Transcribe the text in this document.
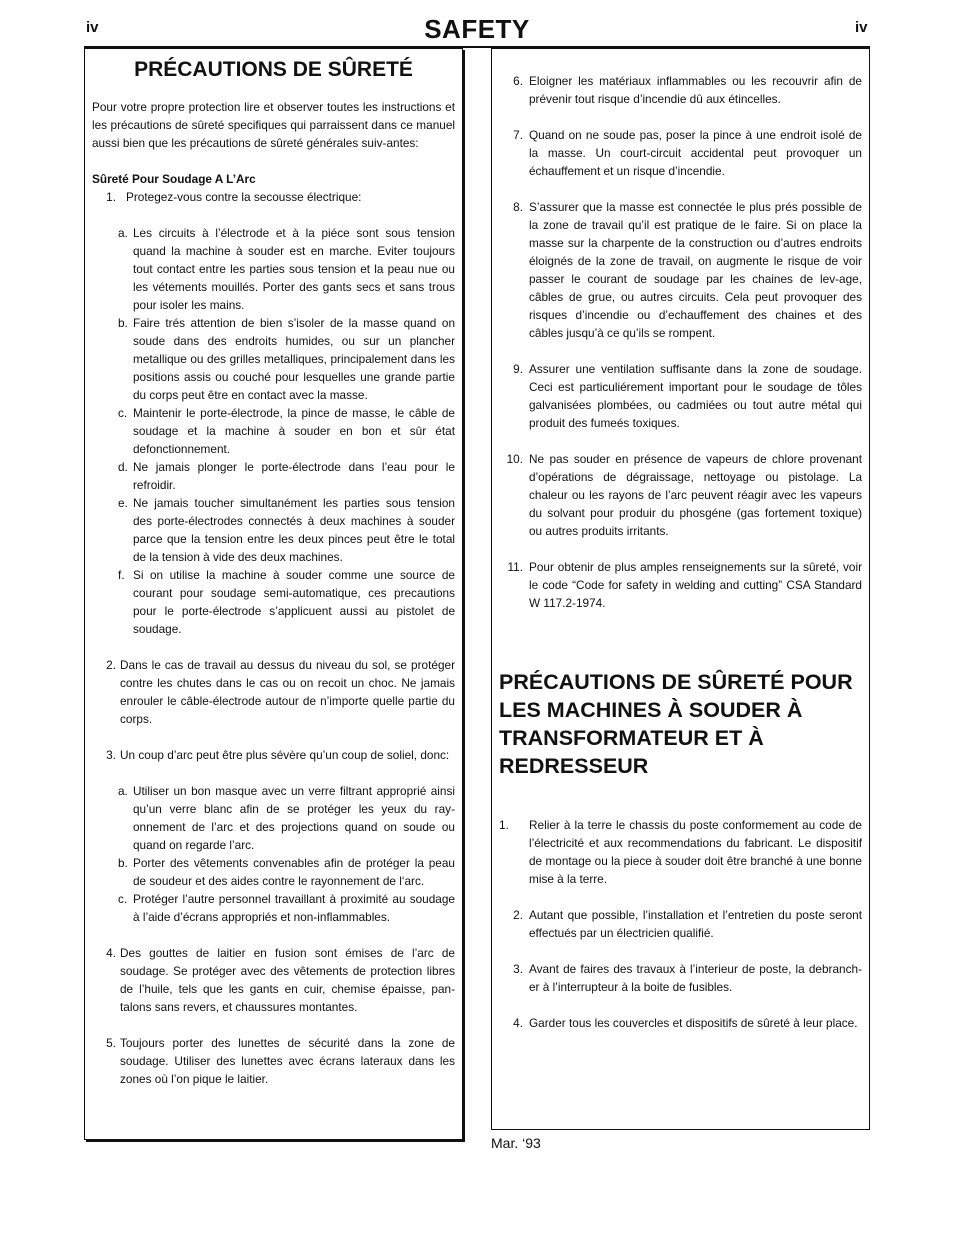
iv	SAFETY	iv
PRÉCAUTIONS DE SÛRETÉ

Pour votre propre protection lire et observer toutes les instructions et les précautions de sûreté specifiques qui parraissent dans ce manuel aussi bien que les précautions de sûreté générales suiv-antes:

Sûreté Pour Soudage A L’Arc

1. Protegez-vous contre la secousse électrique:
a. Les circuits à l’électrode et à la piéce sont sous tension quand la machine à souder est en marche. Eviter toujours tout contact entre les parties sous tension et la peau nue ou les vétements mouillés. Porter des gants secs et sans trous pour isoler les mains.
b. Faire trés attention de bien s’isoler de la masse quand on soude dans des endroits humides, ou sur un plancher metallique ou des grilles metalliques, principalement dans les positions assis ou couché pour lesquelles une grande partie du corps peut être en contact avec la masse.
c. Maintenir le porte-électrode, la pince de masse, le câble de soudage et la machine à souder en bon et sûr état defonctionnement.
d. Ne jamais plonger le porte-électrode dans l’eau pour le refroidir.
e. Ne jamais toucher simultanément les parties sous tension des porte-électrodes connectés à deux machines à souder parce que la tension entre les deux pinces peut être le total de la tension à vide des deux machines.
f. Si on utilise la machine à souder comme une source de courant pour soudage semi-automatique, ces precautions pour le porte-électrode s’applicuent aussi au pistolet de soudage.
2. Dans le cas de travail au dessus du niveau du sol, se protéger contre les chutes dans le cas ou on recoit un choc. Ne jamais enrouler le câble-électrode autour de n’importe quelle partie du corps.
3. Un coup d’arc peut être plus sévère qu’un coup de soliel, donc:
a. Utiliser un bon masque avec un verre filtrant approprié ainsi qu’un verre blanc afin de se protéger les yeux du ray-onnement de l’arc et des projections quand on soude ou quand on regarde l’arc.
b. Porter des vêtements convenables afin de protéger la peau de soudeur et des aides contre le rayonnement de l‘arc.
c. Protéger l’autre personnel travaillant à proximité au soudage à l’aide d’écrans appropriés et non-inflammables.
4. Des gouttes de laitier en fusion sont émises de l’arc de soudage. Se protéger avec des vêtements de protection libres de l’huile, tels que les gants en cuir, chemise épaisse, pan-talons sans revers, et chaussures montantes.
5. Toujours porter des lunettes de sécurité dans la zone de soudage. Utiliser des lunettes avec écrans lateraux dans les zones où l’on pique le laitier.
6. Eloigner les matériaux inflammables ou les recouvrir afin de prévenir tout risque d’incendie dû aux étincelles.
7. Quand on ne soude pas, poser la pince à une endroit isolé de la masse. Un court-circuit accidental peut provoquer un échauffement et un risque d’incendie.
8. S’assurer que la masse est connectée le plus prés possible de la zone de travail qu’il est pratique de le faire. Si on place la masse sur la charpente de la construction ou d’autres endroits éloignés de la zone de travail, on augmente le risque de voir passer le courant de soudage par les chaines de lev-age, câbles de grue, ou autres circuits. Cela peut provoquer des risques d’incendie ou d’echauffement des chaines et des câbles jusqu’à ce qu’ils se rompent.
9. Assurer une ventilation suffisante dans la zone de soudage. Ceci est particuliérement important pour le soudage de tôles galvanisées plombées, ou cadmiées ou tout autre métal qui produit des fumeés toxiques.
10. Ne pas souder en présence de vapeurs de chlore provenant d’opérations de dégraissage, nettoyage ou pistolage. La chaleur ou les rayons de l’arc peuvent réagir avec les vapeurs du solvant pour produir du phosgéne (gas fortement toxique) ou autres produits irritants.
11. Pour obtenir de plus amples renseignements sur la sûreté, voir le code “Code for safety in welding and cutting” CSA Standard W 117.2-1974.
PRÉCAUTIONS DE SÛRETÉ POUR LES MACHINES À SOUDER À TRANSFORMATEUR ET À REDRESSEUR
1.	Relier à la terre le chassis du poste conformement au code de l’électricité et aux recommendations du fabricant. Le dispositif de montage ou la piece à souder doit être branché à une bonne mise à la terre.
2. Autant que possible, l’installation et l’entretien du poste seront effectués par un électricien qualifié.
3. Avant de faires des travaux à l’interieur de poste, la debranch-er à l’interrupteur à la boite de fusibles.
4. Garder tous les couvercles et dispositifs de sûreté à leur place.
Mar. ‘93
